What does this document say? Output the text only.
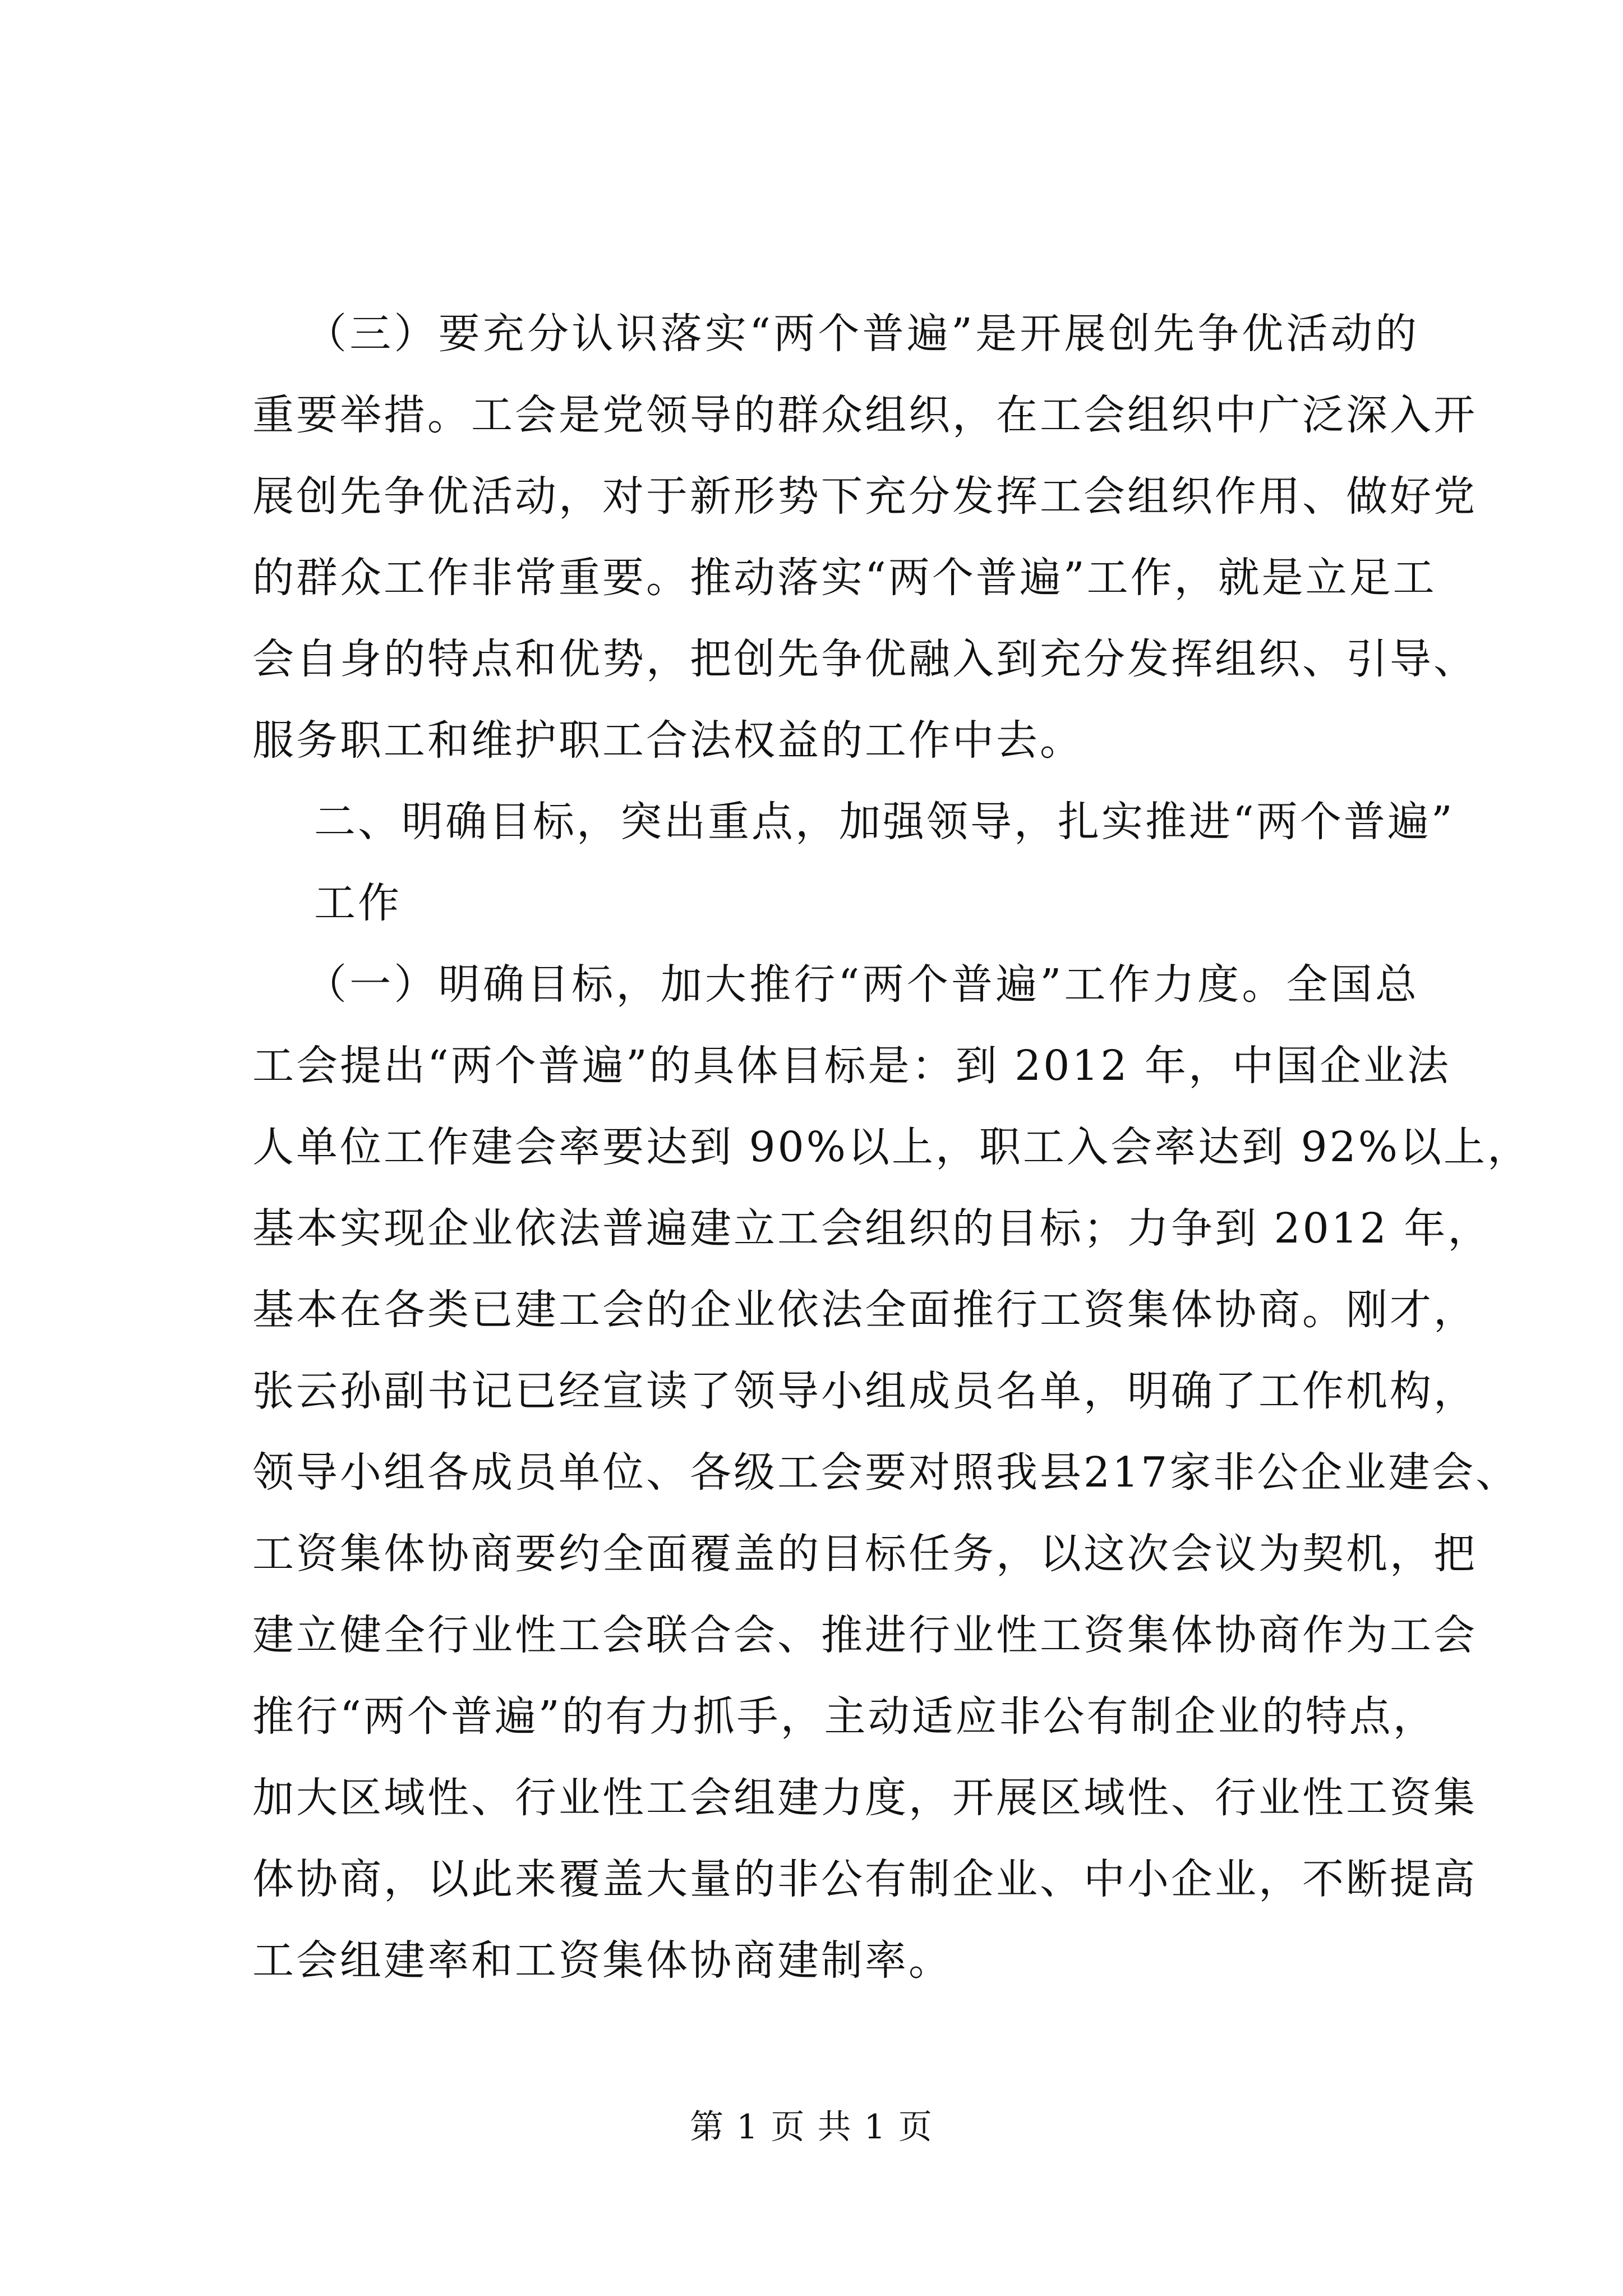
（三）要充分认识落实“两个普遍”是开展创先争优活动的
重要举措。工会是党领导的群众组织，在工会组织中广泛深入开
展创先争优活动，对于新形势下充分发挥工会组织作用、做好党
的群众工作非常重要。推动落实“两个普遍”工作，就是立足工
会自身的特点和优势，把创先争优融入到充分发挥组织、引导、
服务职工和维护职工合法权益的工作中去。
二、明确目标，突出重点，加强领导，扎实推进“两个普遍”
工作
（一）明确目标，加大推行“两个普遍”工作力度。全国总
工会提出“两个普遍”的具体目标是：到 2012 年，中国企业法
人单位工作建会率要达到 90%以上，职工入会率达到 92%以上，
基本实现企业依法普遍建立工会组织的目标；力争到 2012 年，
基本在各类已建工会的企业依法全面推行工资集体协商。刚才，
张云孙副书记已经宣读了领导小组成员名单，明确了工作机构，
领导小组各成员单位、各级工会要对照我县217家非公企业建会、
工资集体协商要约全面覆盖的目标任务，以这次会议为契机，把
建立健全行业性工会联合会、推进行业性工资集体协商作为工会
推行“两个普遍”的有力抓手，主动适应非公有制企业的特点，
加大区域性、行业性工会组建力度，开展区域性、行业性工资集
体协商，以此来覆盖大量的非公有制企业、中小企业，不断提高
工会组建率和工资集体协商建制率。
第 1 页 共 1 页
